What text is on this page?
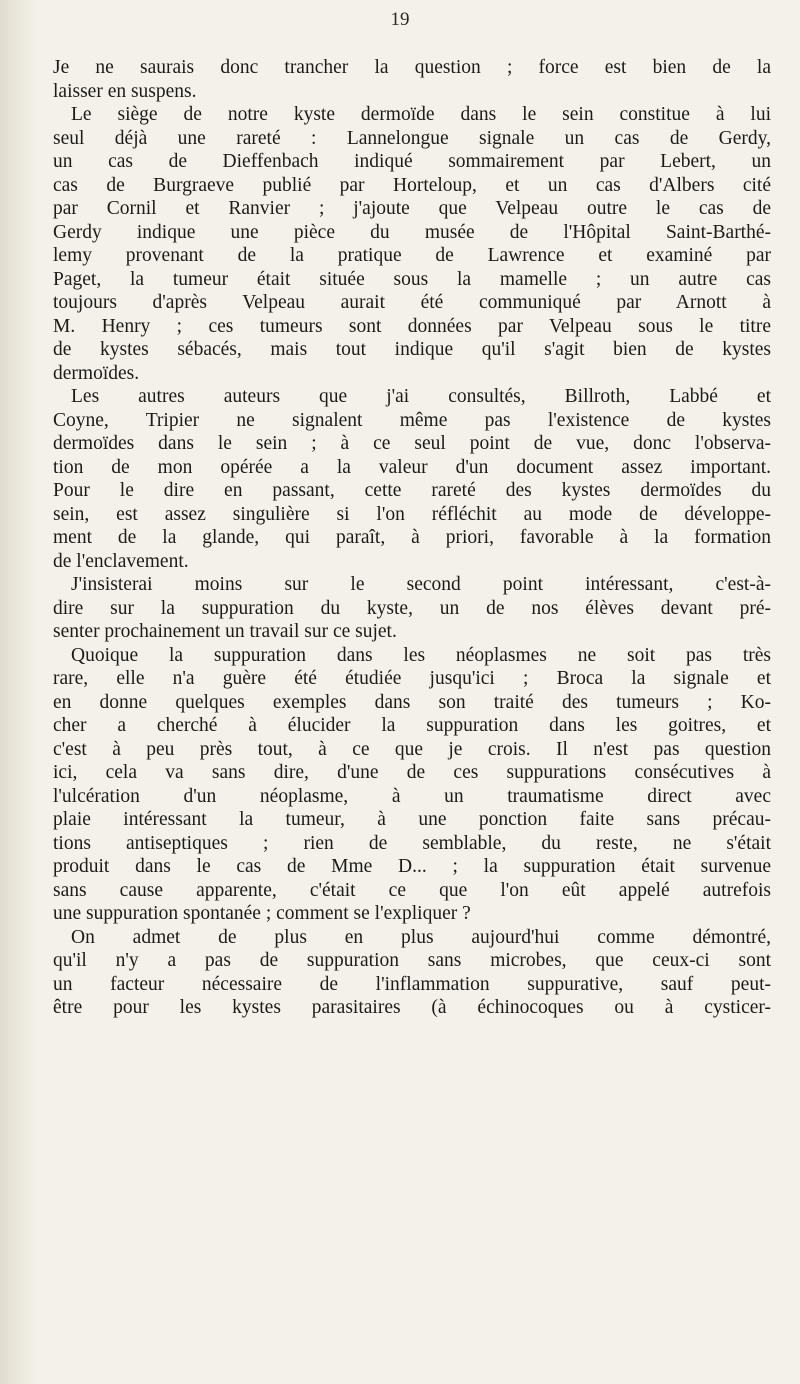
19

Je ne saurais donc trancher la question ; force est bien de la
laisser en suspens.

Le siège de notre kyste dermoïde dans le sein constitue à lui
seul déjà une rareté : Lannelongue signale un cas de Gerdy,
un cas de Dieffenbach indiqué sommairement par Lebert, un
cas de Burgraeve publié par Horteloup, et un cas d'Albers cité
par Cornil et Ranvier ; j'ajoute que Velpeau outre le cas de
Gerdy indique une pièce du musée de l'Hôpital Saint-Barthé-
lemy provenant de la pratique de Lawrence et examiné par
Paget, la tumeur était située sous la mamelle ; un autre cas
toujours d'après Velpeau aurait été communiqué par Arnott à
M. Henry ; ces tumeurs sont données par Velpeau sous le titre
de kystes sébacés, mais tout indique qu'il s'agit bien de kystes
dermoïdes.

Les autres auteurs que j'ai consultés, Billroth, Labbé et
Coyne, Tripier ne signalent même pas l'existence de kystes
dermoïdes dans le sein ; à ce seul point de vue, donc l'observa-
tion de mon opérée a la valeur d'un document assez important.
Pour le dire en passant, cette rareté des kystes dermoïdes du
sein, est assez singulière si l'on réfléchit au mode de développe-
ment de la glande, qui paraît, à priori, favorable à la formation
de l'enclavement.

J'insisterai moins sur le second point intéressant, c'est-à-
dire sur la suppuration du kyste, un de nos élèves devant pré-
senter prochainement un travail sur ce sujet.

Quoique la suppuration dans les néoplasmes ne soit pas très
rare, elle n'a guère été étudiée jusqu'ici ; Broca la signale et
en donne quelques exemples dans son traité des tumeurs ; Ko-
cher a cherché à élucider la suppuration dans les goitres, et
c'est à peu près tout, à ce que je crois. Il n'est pas question
ici, cela va sans dire, d'une de ces suppurations consécutives à
l'ulcération d'un néoplasme, à un traumatisme direct avec
plaie intéressant la tumeur, à une ponction faite sans précau-
tions antiseptiques ; rien de semblable, du reste, ne s'était
produit dans le cas de Mme D... ; la suppuration était survenue
sans cause apparente, c'était ce que l'on eût appelé autrefois
une suppuration spontanée ; comment se l'expliquer ?

On admet de plus en plus aujourd'hui comme démontré,
qu'il n'y a pas de suppuration sans microbes, que ceux-ci sont
un facteur nécessaire de l'inflammation suppurative, sauf peut-
être pour les kystes parasitaires (à échinocoques ou à cysticer-
